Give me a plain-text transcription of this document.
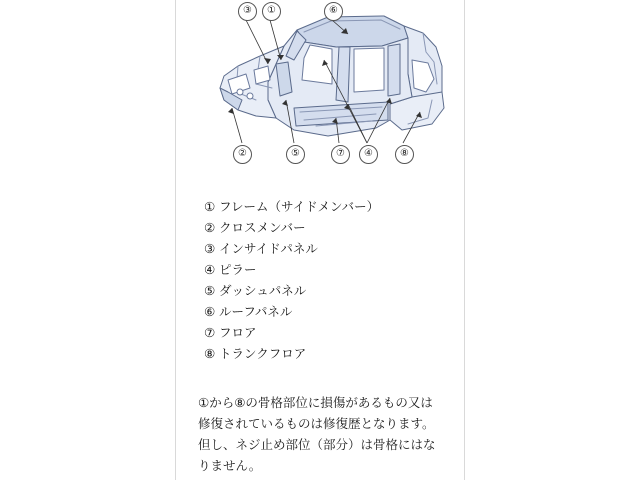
③	①	⑥
②	⑤	⑦	④	⑧
① フレーム（サイドメンバー）
② クロスメンバー
③ インサイドパネル
④ ピラー
⑤ ダッシュパネル
⑥ ルーフパネル
⑦ フロア
⑧ トランクフロア

①から⑧の骨格部位に損傷があるもの又は

修復されているものは修復歴となります。

但し、ネジ止め部位（部分）は骨格にはな

りません。
